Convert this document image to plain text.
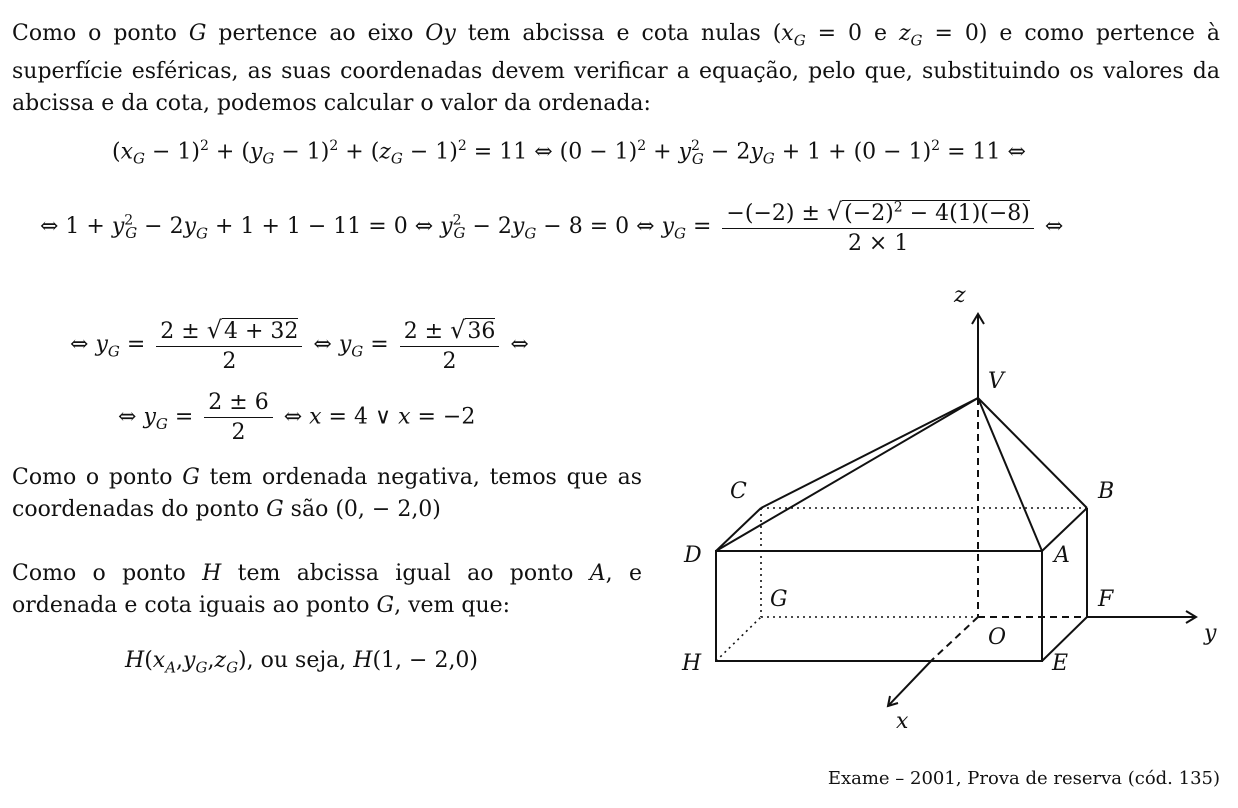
Como o ponto G pertence ao eixo Oy tem abcissa e cota nulas ($x_G = 0$ e $z_G = 0$) e como pertence à superfície esféricas, as suas coordenadas devem verificar a equação, pelo que, substituindo os valores da abcissa e da cota, podemos calcular o valor da ordenada:
$(x_G - 1)^2 + (y_G - 1)^2 + (z_G - 1)^2 = 11$ ⇔ $(0 - 1)^2 + y^2_G - 2y_G + 1 + (0 - 1)^2 = 11$ ⇔
⇔ $1 + y^2_G - 2y_G + 1 + 1 - 11 = 0$ ⇔ $y^2_G - 2y_G - 8 = 0$ ⇔ $y_G = \frac{-(-2) \pm √(-2)^2 - 4(1)(-8)}{2 \times 1}$ ⇔
⇔ $y_G = \frac{2 \pm √4 + 32}{2}$ ⇔ $y_G = \frac{2 \pm √36}{2}$ ⇔
⇔ $y_G = \frac{2 \pm 6}{2}$ ⇔ x = 4 ∨ x = −2
Como o ponto G tem ordenada negativa, temos que as coordenadas do ponto G são (0, − 2,0)
Como o ponto H tem abcissa igual ao ponto A, e ordenada e cota iguais ao ponto G, vem que:
$H(x_A,y_G,z_G)$, ou seja, H(1, − 2,0)
z
V
B
C
D	A
G	F
y
O
H	E
x
Exame – 2001, Prova de reserva (cód. 135)
